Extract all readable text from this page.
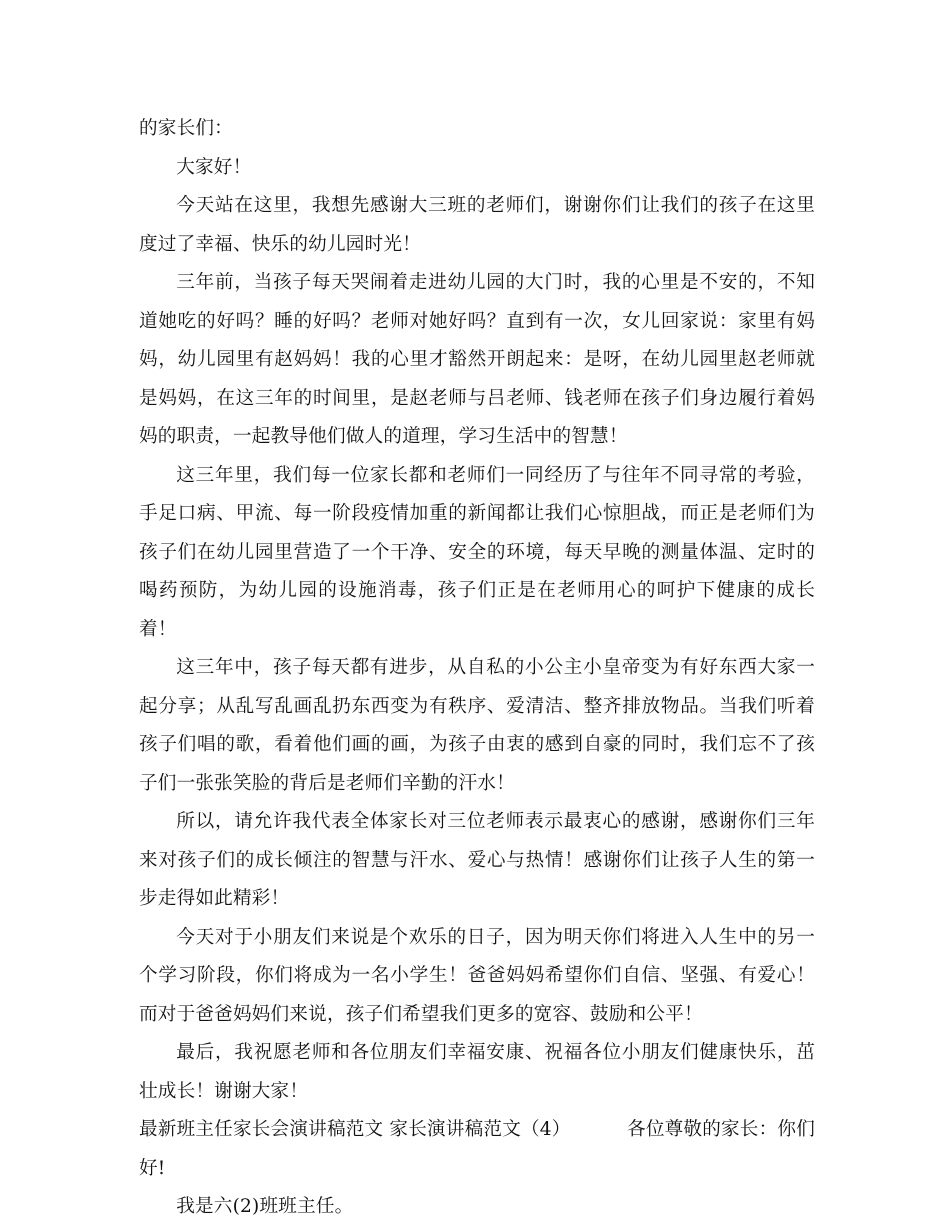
的家长们：

大家好！

今天站在这里，我想先感谢大三班的老师们，谢谢你们让我们的孩子在这里度过了幸福、快乐的幼儿园时光！

三年前，当孩子每天哭闹着走进幼儿园的大门时，我的心里是不安的，不知道她吃的好吗？睡的好吗？老师对她好吗？直到有一次，女儿回家说：家里有妈妈，幼儿园里有赵妈妈！我的心里才豁然开朗起来：是呀，在幼儿园里赵老师就是妈妈，在这三年的时间里，是赵老师与吕老师、钱老师在孩子们身边履行着妈妈的职责，一起教导他们做人的道理，学习生活中的智慧！

这三年里，我们每一位家长都和老师们一同经历了与往年不同寻常的考验，手足口病、甲流、每一阶段疫情加重的新闻都让我们心惊胆战，而正是老师们为孩子们在幼儿园里营造了一个干净、安全的环境，每天早晚的测量体温、定时的喝药预防，为幼儿园的设施消毒，孩子们正是在老师用心的呵护下健康的成长着！

这三年中，孩子每天都有进步，从自私的小公主小皇帝变为有好东西大家一起分享；从乱写乱画乱扔东西变为有秩序、爱清洁、整齐排放物品。当我们听着孩子们唱的歌，看着他们画的画，为孩子由衷的感到自豪的同时，我们忘不了孩子们一张张笑脸的背后是老师们辛勤的汗水！

所以，请允许我代表全体家长对三位老师表示最衷心的感谢，感谢你们三年来对孩子们的成长倾注的智慧与汗水、爱心与热情！感谢你们让孩子人生的第一步走得如此精彩！

今天对于小朋友们来说是个欢乐的日子，因为明天你们将进入人生中的另一个学习阶段，你们将成为一名小学生！爸爸妈妈希望你们自信、坚强、有爱心！而对于爸爸妈妈们来说，孩子们希望我们更多的宽容、鼓励和公平！

最后，我祝愿老师和各位朋友们幸福安康、祝福各位小朋友们健康快乐，茁壮成长！谢谢大家！

最新班主任家长会演讲稿范文 家长演讲稿范文（4）	各位尊敬的家长：你们

好!

我是六(2)班班主任。
